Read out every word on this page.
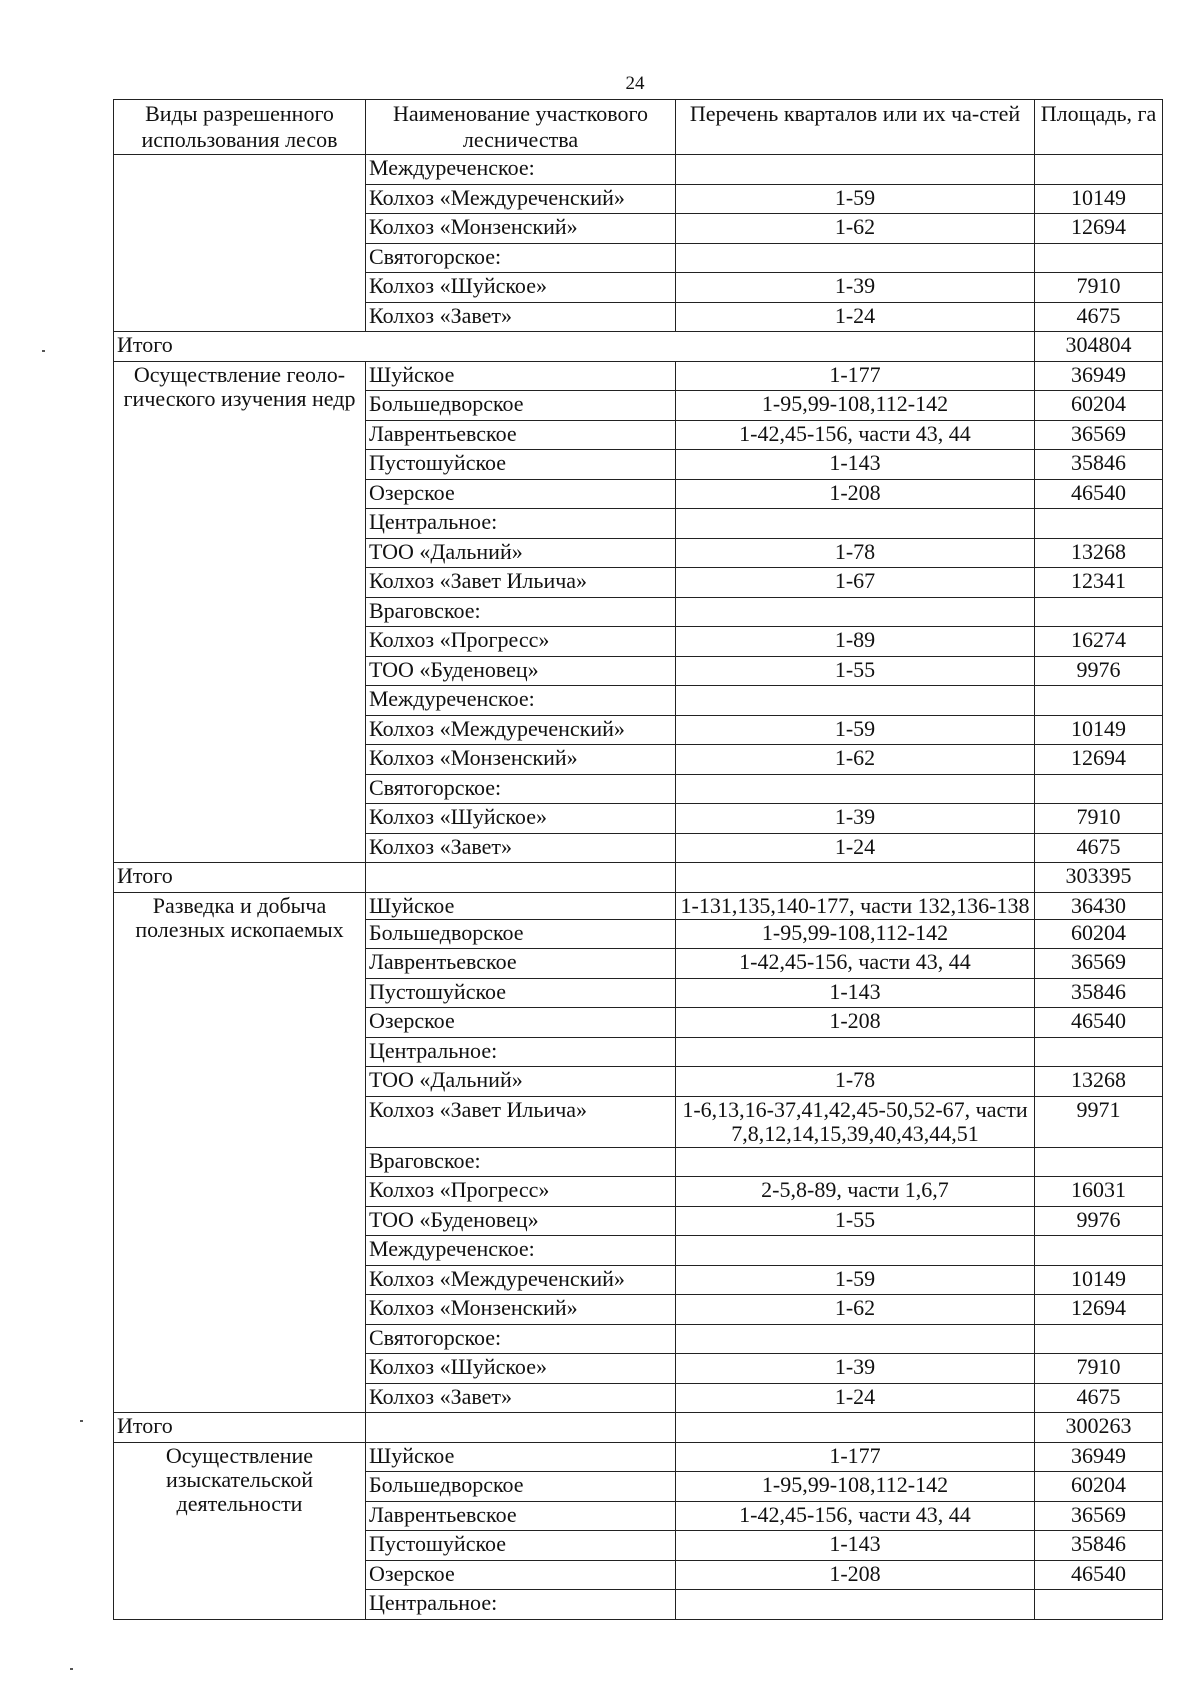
24
Виды разрешенного использования лесов	Наименование участкового лесничества	Перечень кварталов или их ча-стей	Площадь, га
	Междуреченское:		
	Колхоз «Междуреченский»	1-59	10149
	Колхоз «Монзенский»	1-62	12694
	Святогорское:		
	Колхоз «Шуйское»	1-39	7910
	Колхоз «Завет»	1-24	4675
Итого			304804
Осуществление геоло-гического изучения недр	Шуйское	1-177	36949
	Большедворское	1-95,99-108,112-142	60204
	Лаврентьевское	1-42,45-156, части 43, 44	36569
	Пустошуйское	1-143	35846
	Озерское	1-208	46540
	Центральное:		
	ТОО «Дальний»	1-78	13268
	Колхоз «Завет Ильича»	1-67	12341
	Враговское:		
	Колхоз «Прогресс»	1-89	16274
	ТОО «Буденовец»	1-55	9976
	Междуреченское:		
	Колхоз «Междуреченский»	1-59	10149
	Колхоз «Монзенский»	1-62	12694
	Святогорское:		
	Колхоз «Шуйское»	1-39	7910
	Колхоз «Завет»	1-24	4675
Итого			303395
Разведка и добыча полезных ископаемых	Шуйское	1-131,135,140-177, части 132,136-138	36430
	Большедворское	1-95,99-108,112-142	60204
	Лаврентьевское	1-42,45-156, части 43, 44	36569
	Пустошуйское	1-143	35846
	Озерское	1-208	46540
	Центральное:		
	ТОО «Дальний»	1-78	13268
	Колхоз «Завет Ильича»	1-6,13,16-37,41,42,45-50,52-67, части 7,8,12,14,15,39,40,43,44,51	9971
	Враговское:		
	Колхоз «Прогресс»	2-5,8-89, части 1,6,7	16031
	ТОО «Буденовец»	1-55	9976
	Междуреченское:		
	Колхоз «Междуреченский»	1-59	10149
	Колхоз «Монзенский»	1-62	12694
	Святогорское:		
	Колхоз «Шуйское»	1-39	7910
	Колхоз «Завет»	1-24	4675
Итого			300263
Осуществление изыскательской деятельности	Шуйское	1-177	36949
	Большедворское	1-95,99-108,112-142	60204
	Лаврентьевское	1-42,45-156, части 43, 44	36569
	Пустошуйское	1-143	35846
	Озерское	1-208	46540
	Центральное:		
